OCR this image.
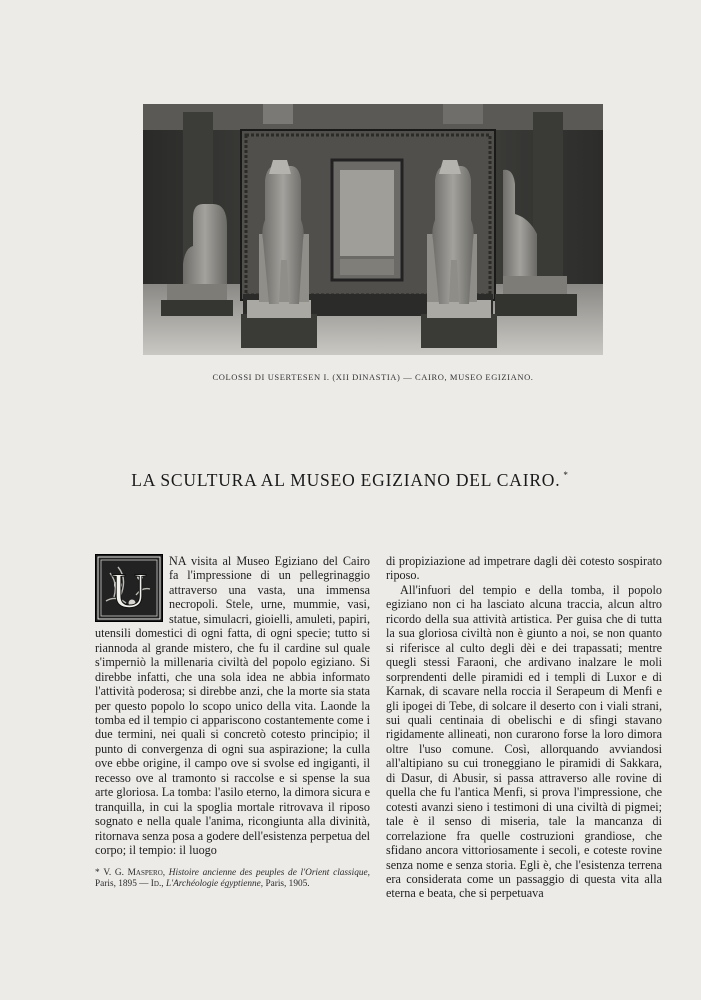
COLOSSI DI USERTESEN I. (XII DINASTIA) — CAIRO, MUSEO EGIZIANO.
LA SCULTURA AL MUSEO EGIZIANO DEL CAIRO. *
U

NA visita al Museo Egiziano del Cairo fa l'impressione di un pellegrinaggio attraverso una vasta, una immensa necropoli. Stele, urne, mummie, vasi, statue, simulacri, gioielli, amuleti, papiri, utensili domestici di ogni fatta, di ogni specie; tutto si riannoda al grande mistero, che fu il cardine sul quale s'imperniò la millenaria civiltà del popolo egiziano. Si direbbe infatti, che una sola idea ne abbia informato l'attività poderosa; si direbbe anzi, che la morte sia stata per questo popolo lo scopo unico della vita. Laonde la tomba ed il tempio ci appariscono costantemente come i due termini, nei quali si concretò cotesto principio; il punto di convergenza di ogni sua aspirazione; la culla ove ebbe origine, il campo ove si svolse ed ingiganti, il recesso ove al tramonto si raccolse e si spense la sua arte gloriosa. La tomba: l'asilo eterno, la dimora sicura e tranquilla, in cui la spoglia mortale ritrovava il riposo sognato e nella quale l'anima, ricongiunta alla divinità, ritornava senza posa a godere dell'esistenza perpetua del corpo; il tempio: il luogo

di propiziazione ad impetrare dagli dèi cotesto sospirato riposo.

All'infuori del tempio e della tomba, il popolo egiziano non ci ha lasciato alcuna traccia, alcun altro ricordo della sua attività artistica. Per guisa che di tutta la sua gloriosa civiltà non è giunto a noi, se non quanto si riferisce al culto degli dèi e dei trapassati; mentre quegli stessi Faraoni, che ardivano inalzare le moli sorprendenti delle piramidi ed i templi di Luxor e di Karnak, di scavare nella roccia il Serapeum di Menfi e gli ipogei di Tebe, di solcare il deserto con i viali strani, sui quali centinaia di obelischi e di sfingi stavano rigidamente allineati, non curarono forse la loro dimora oltre l'uso comune. Così, allorquando avviandosi all'altipiano su cui troneggiano le piramidi di Sakkara, di Dasur, di Abusir, si passa attraverso alle rovine di quella che fu l'antica Menfi, si prova l'impressione, che cotesti avanzi sieno i testimoni di una civiltà di pigmei; tale è il senso di miseria, tale la mancanza di correlazione fra quelle costruzioni grandiose, che sfidano ancora vittoriosamente i secoli, e coteste rovine senza nome e senza storia. Egli è, che l'esistenza terrena era considerata come un passaggio di questa vita alla eterna e beata, che si perpetuava

* V. G. Maspero, Histoire ancienne des peuples de l'Orient classique, Paris, 1895 — Id., L'Archéologie égyptienne, Paris, 1905.
